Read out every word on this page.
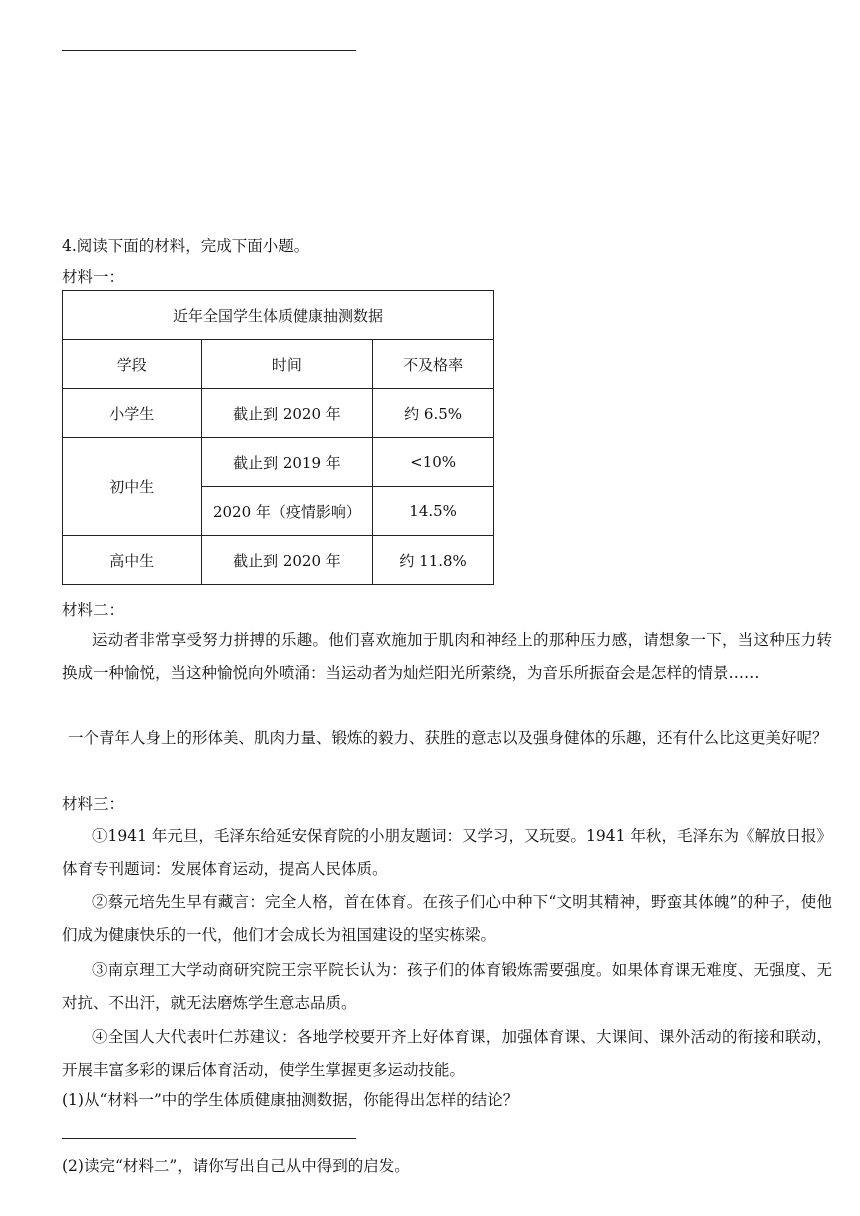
4.阅读下面的材料，完成下面小题。
材料一：
近年全国学生体质健康抽测数据		
学段	时间	不及格率
小学生	截止到 2020 年	约 6.5%
初中生	截止到 2019 年	<10%
	2020 年（疫情影响）	14.5%
高中生	截止到 2020 年	约 11.8%
材料二：
运动者非常享受努力拼搏的乐趣。他们喜欢施加于肌肉和神经上的那种压力感，请想象一下，当这种压力转换成一种愉悦，当这种愉悦向外喷涌：当运动者为灿烂阳光所萦绕，为音乐所振奋会是怎样的情景……
一个青年人身上的形体美、肌肉力量、锻炼的毅力、获胜的意志以及强身健体的乐趣，还有什么比这更美好呢？
材料三：
①1941 年元旦，毛泽东给延安保育院的小朋友题词：又学习，又玩耍。1941 年秋，毛泽东为《解放日报》体育专刊题词：发展体育运动，提高人民体质。
②蔡元培先生早有藏言：完全人格，首在体育。在孩子们心中种下“文明其精神，野蛮其体魄”的种子，使他们成为健康快乐的一代，他们才会成长为祖国建设的坚实栋梁。
③南京理工大学动商研究院王宗平院长认为：孩子们的体育锻炼需要强度。如果体育课无难度、无强度、无对抗、不出汗，就无法磨炼学生意志品质。
④全国人大代表叶仁苏建议：各地学校要开齐上好体育课，加强体育课、大课间、课外活动的衔接和联动，开展丰富多彩的课后体育活动，使学生掌握更多运动技能。
(1)从“材料一”中的学生体质健康抽测数据，你能得出怎样的结论？
(2)读完“材料二”，请你写出自己从中得到的启发。
